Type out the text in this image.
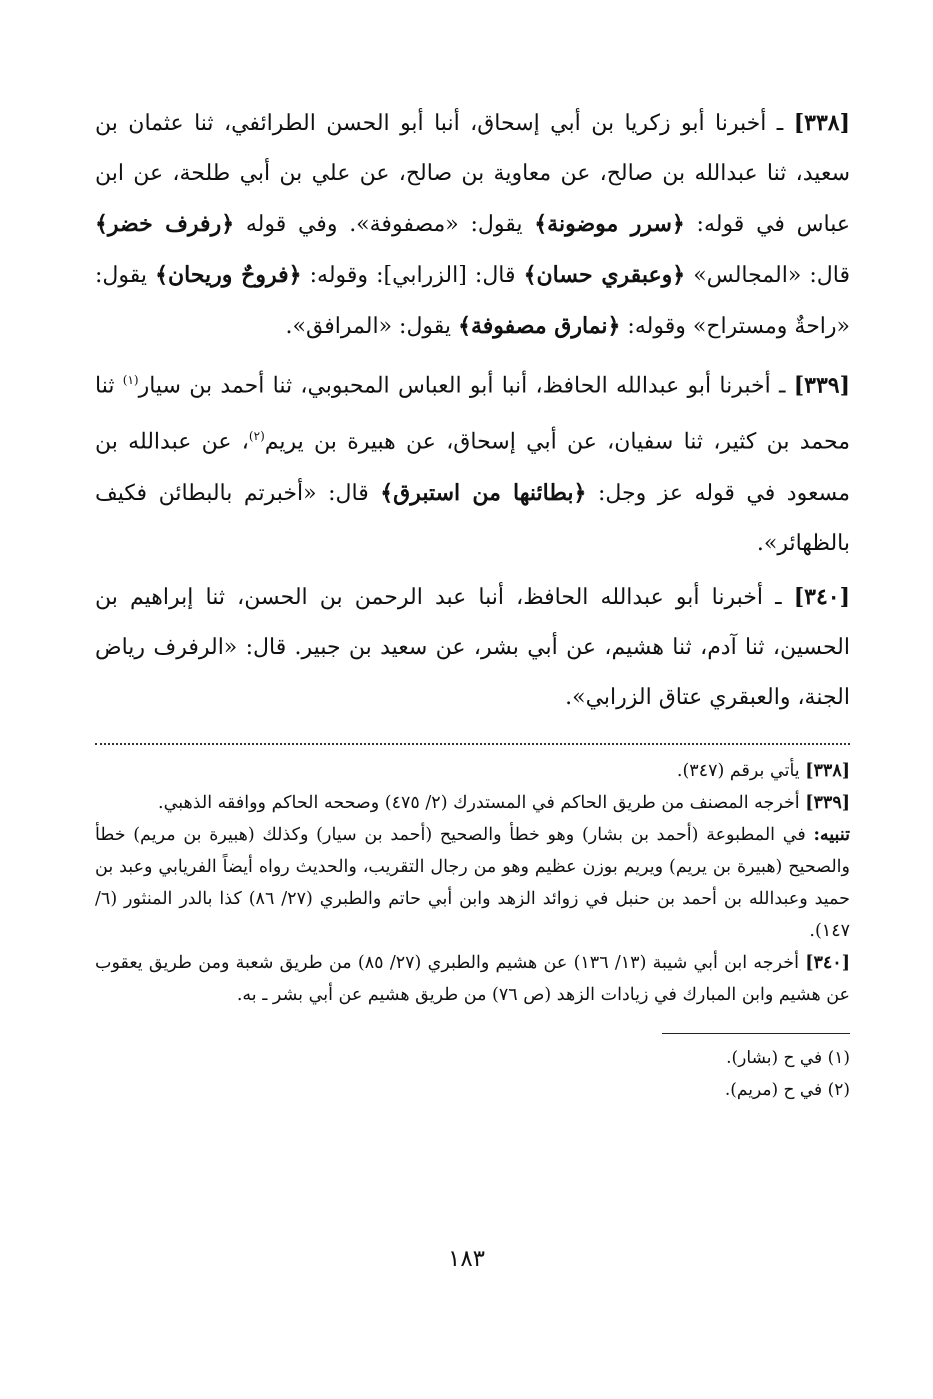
[٣٣٨] ـ أخبرنا أبو زكريا بن أبي إسحاق، أنبا أبو الحسن الطرائفي، ثنا عثمان بن سعيد، ثنا عبدالله بن صالح، عن معاوية بن صالح، عن علي بن أبي طلحة، عن ابن عباس في قوله: ﴿سرر موضونة﴾ يقول: «مصفوفة». وفي قوله ﴿رفرف خضر﴾ قال: «المجالس» ﴿وعبقري حسان﴾ قال: [الزرابي]: وقوله: ﴿فروحٌ وريحان﴾ يقول: «راحةٌ ومستراح» وقوله: ﴿نمارق مصفوفة﴾ يقول: «المرافق».

[٣٣٩] ـ أخبرنا أبو عبدالله الحافظ، أنبا أبو العباس المحبوبي، ثنا أحمد بن سيار$^{(١)}$ ثنا محمد بن كثير، ثنا سفيان، عن أبي إسحاق، عن هبيرة بن يريم$^{(٢)}$، عن عبدالله بن مسعود في قوله عز وجل: ﴿بطائنها من استبرق﴾ قال: «أخبرتم بالبطائن فكيف بالظهائر».

[٣٤٠] ـ أخبرنا أبو عبدالله الحافظ، أنبا عبد الرحمن بن الحسن، ثنا إبراهيم بن الحسين، ثنا آدم، ثنا هشيم، عن أبي بشر، عن سعيد بن جبير. قال: «الرفرف رياض الجنة، والعبقري عتاق الزرابي».

[٣٣٨] يأتي برقم (٣٤٧).

[٣٣٩] أخرجه المصنف من طريق الحاكم في المستدرك (٢/ ٤٧٥) وصححه الحاكم ووافقه الذهبي.

تنبيه: في المطبوعة (أحمد بن بشار) وهو خطأ والصحيح (أحمد بن سيار) وكذلك (هبيرة بن مريم) خطأ والصحيح (هبيرة بن يريم) ويريم بوزن عظيم وهو من رجال التقريب، والحديث رواه أيضاً الفريابي وعبد بن حميد وعبدالله بن أحمد بن حنبل في زوائد الزهد وابن أبي حاتم والطبري (٢٧/ ٨٦) كذا بالدر المنثور (٦/ ١٤٧).

[٣٤٠] أخرجه ابن أبي شيبة (١٣/ ١٣٦) عن هشيم والطبري (٢٧/ ٨٥) من طريق شعبة ومن طريق يعقوب عن هشيم وابن المبارك في زيادات الزهد (ص ٧٦) من طريق هشيم عن أبي بشر ـ به.

(١) في ح (بشار).

(٢) في ح (مريم).

١٨٣
